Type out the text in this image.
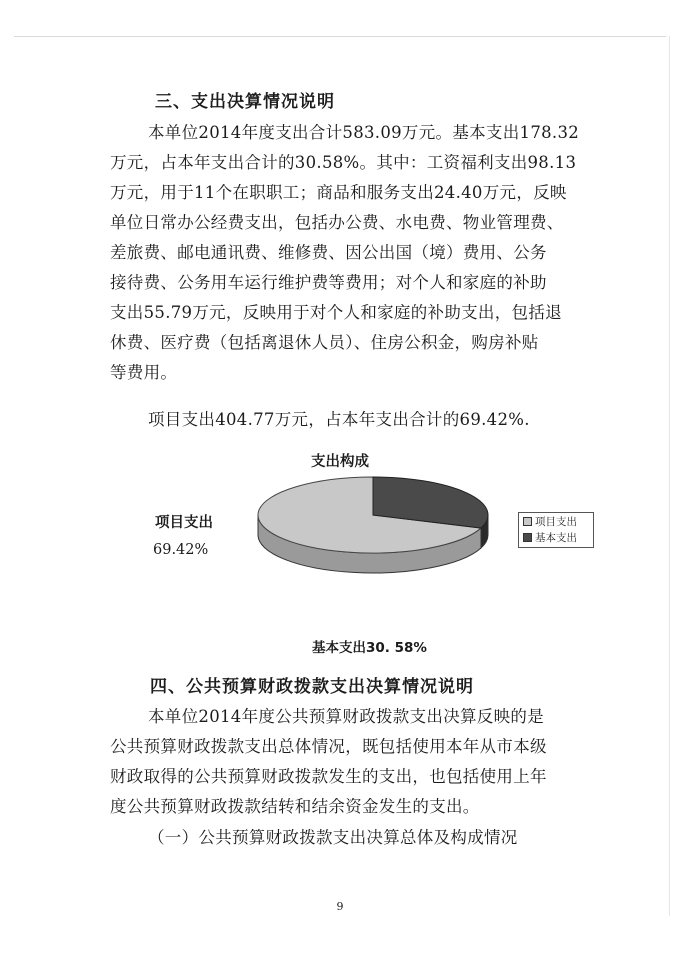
三、支出决算情况说明
本单位2014年度支出合计583.09万元。基本支出178.32
万元，占本年支出合计的30.58%。其中：工资福利支出98.13
万元，用于11个在职职工；商品和服务支出24.40万元，反映
单位日常办公经费支出，包括办公费、水电费、物业管理费、
差旅费、邮电通讯费、维修费、因公出国（境）费用、公务
接待费、公务用车运行维护费等费用；对个人和家庭的补助
支出55.79万元，反映用于对个人和家庭的补助支出，包括退
休费、医疗费（包括离退休人员）、住房公积金，购房补贴
等费用。
项目支出404.77万元，占本年支出合计的69.42%.
支出构成
项目支出
69.42%
项目支出
基本支出
基本支出30. 58%
四、公共预算财政拨款支出决算情况说明
本单位2014年度公共预算财政拨款支出决算反映的是
公共预算财政拨款支出总体情况，既包括使用本年从市本级
财政取得的公共预算财政拨款发生的支出，也包括使用上年
度公共预算财政拨款结转和结余资金发生的支出。
（一）公共预算财政拨款支出决算总体及构成情况
9
